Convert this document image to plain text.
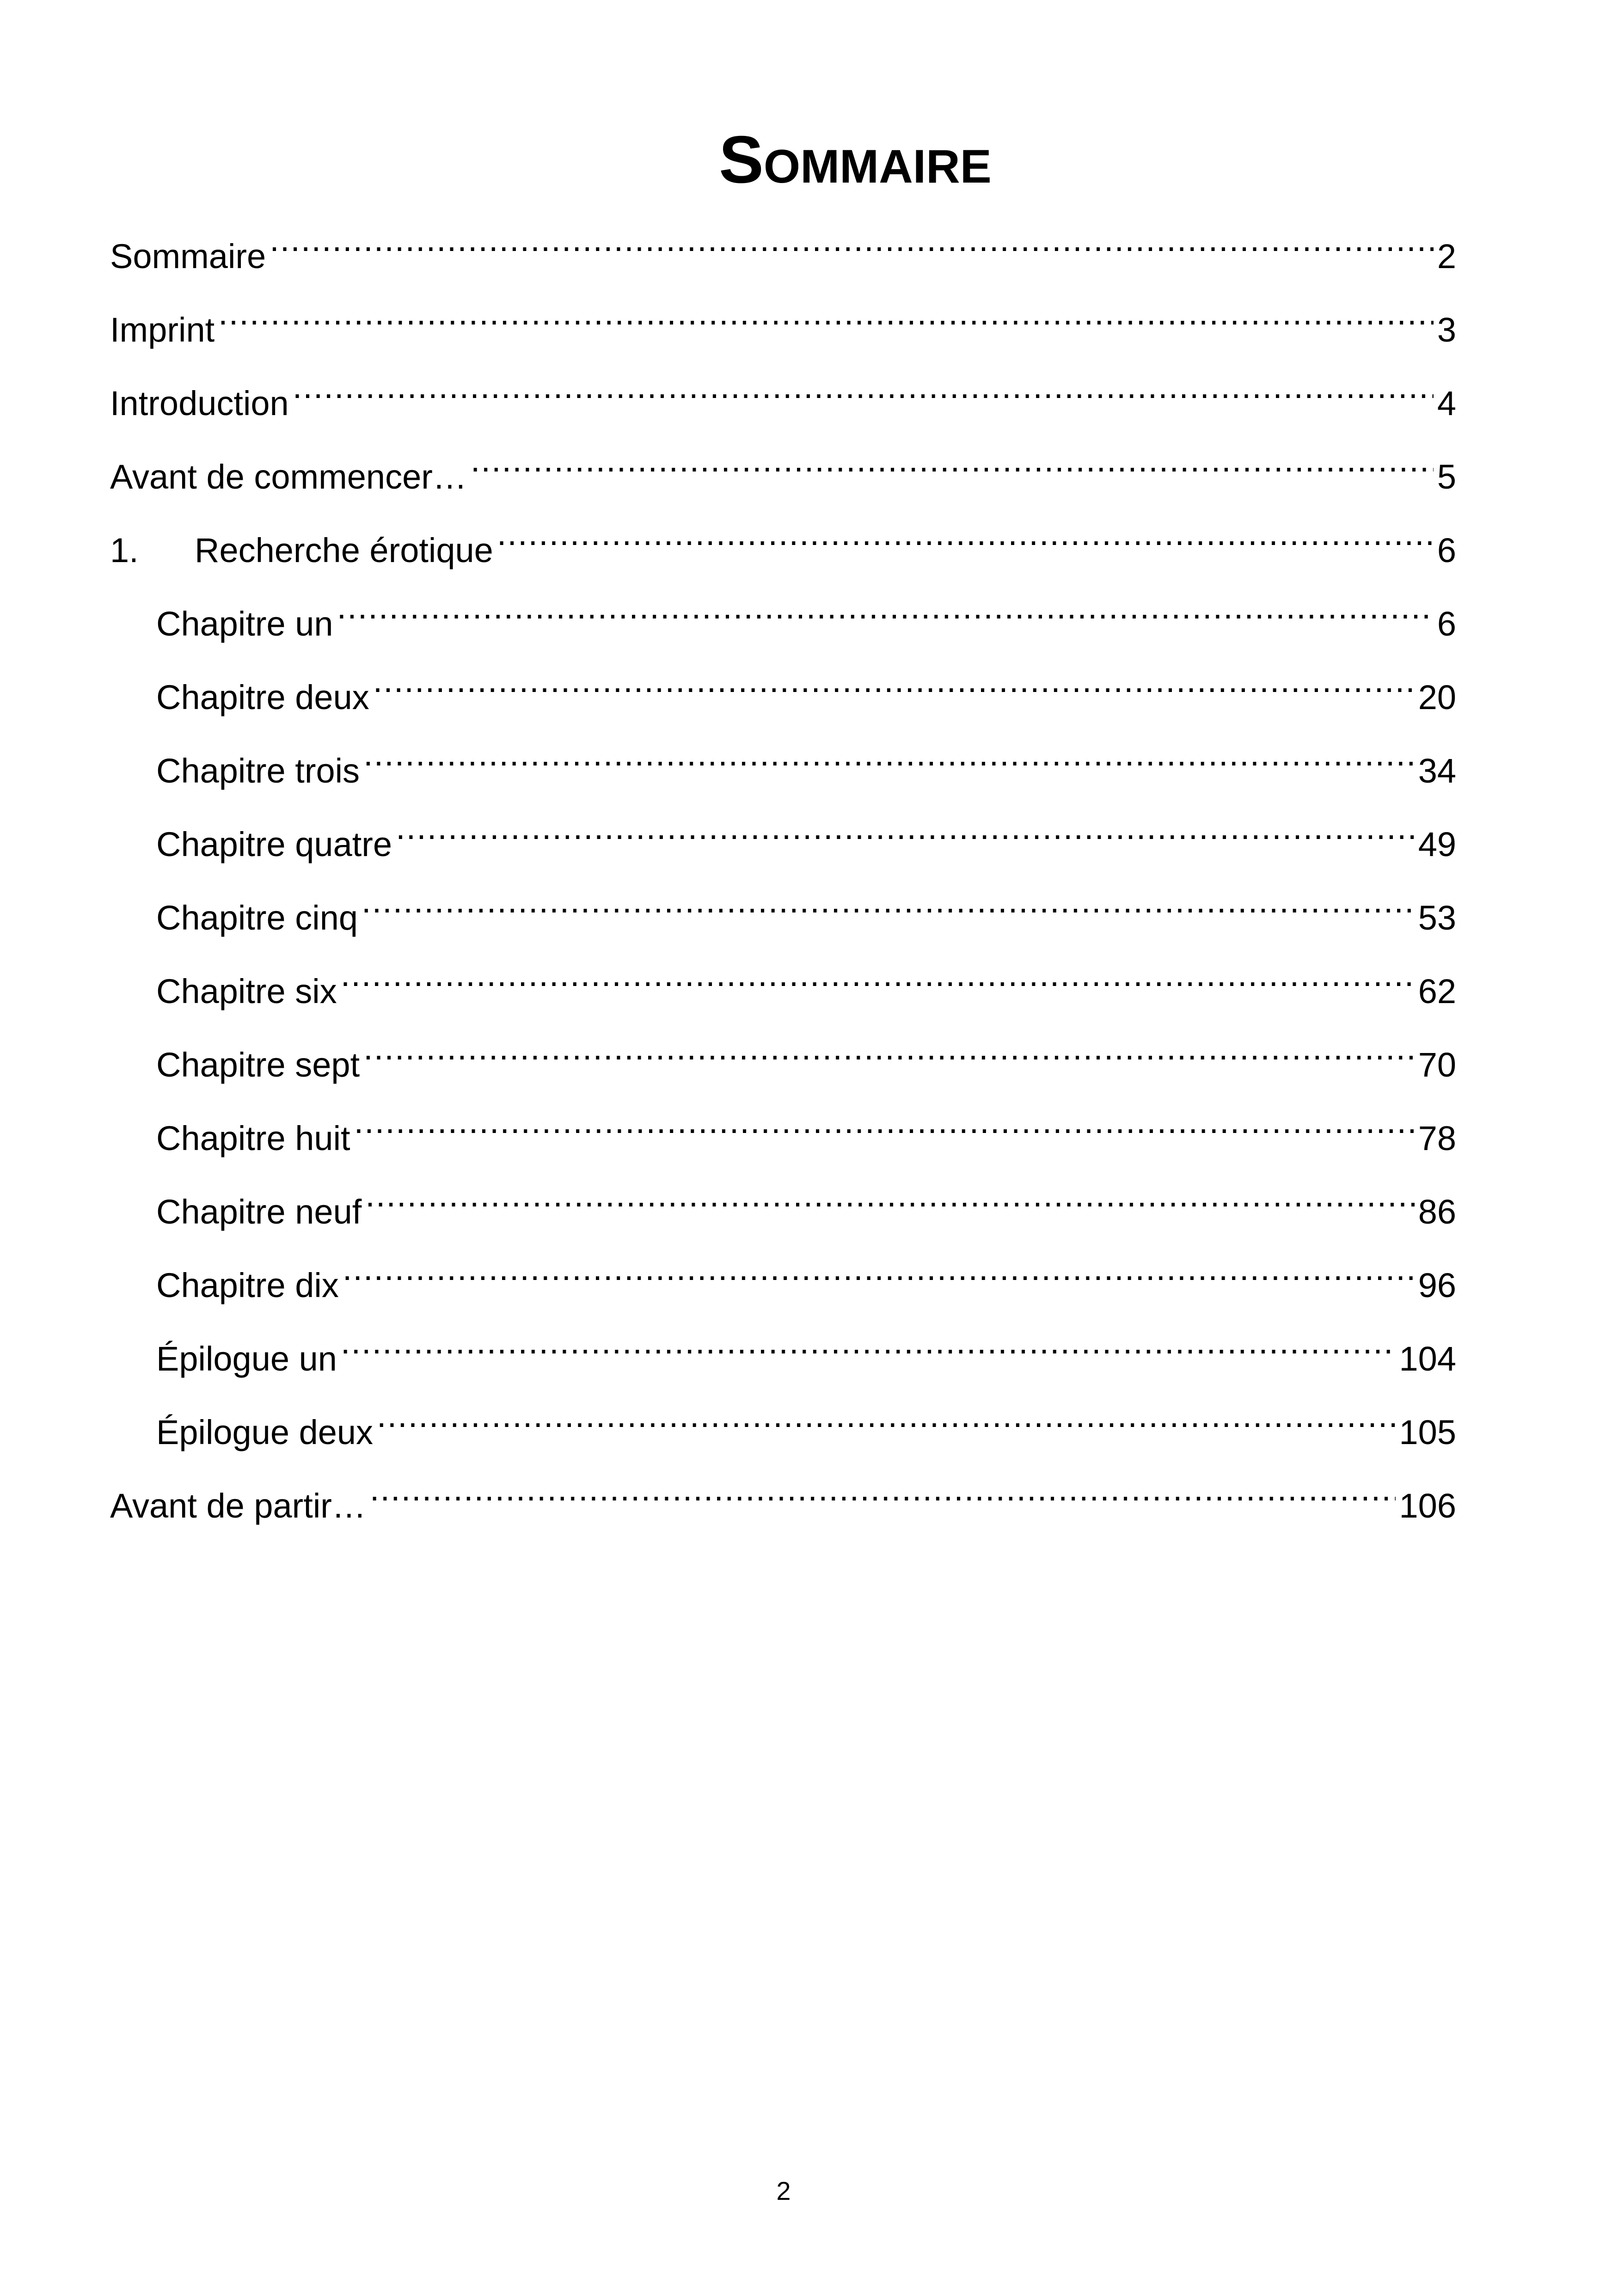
Sommaire
Sommaire .....	2
Imprint .....	3
Introduction .....	4
Avant de commencer… .....	5
1.	Recherche érotique .....	6
Chapitre un .....	6
Chapitre deux .....	20
Chapitre trois .....	34
Chapitre quatre .....	49
Chapitre cinq .....	53
Chapitre six .....	62
Chapitre sept .....	70
Chapitre huit .....	78
Chapitre neuf .....	86
Chapitre dix .....	96
Épilogue un .....	104
Épilogue deux .....	105
Avant de partir… .....	106
2
